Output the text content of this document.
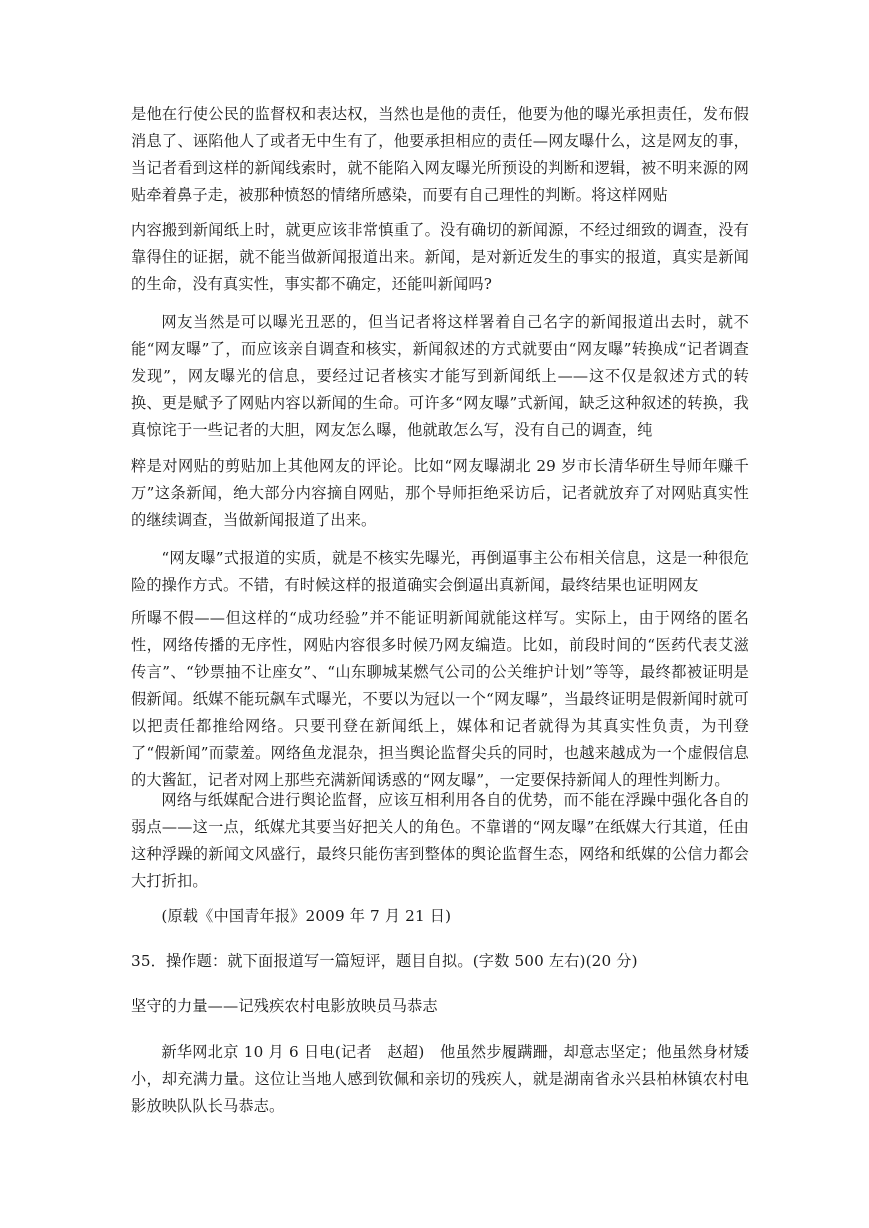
是他在行使公民的监督权和表达权，当然也是他的责任，他要为他的曝光承担责任，发布假消息了、诬陷他人了或者无中生有了，他要承担相应的责任—网友曝什么，这是网友的事，当记者看到这样的新闻线索时，就不能陷入网友曝光所预设的判断和逻辑，被不明来源的网贴牵着鼻子走，被那种愤怒的情绪所感染，而要有自己理性的判断。将这样网贴

内容搬到新闻纸上时，就更应该非常慎重了。没有确切的新闻源，不经过细致的调查，没有靠得住的证据，就不能当做新闻报道出来。新闻，是对新近发生的事实的报道，真实是新闻的生命，没有真实性，事实都不确定，还能叫新闻吗?

网友当然是可以曝光丑恶的，但当记者将这样署着自己名字的新闻报道出去时，就不能“网友曝”了，而应该亲自调查和核实，新闻叙述的方式就要由“网友曝”转换成“记者调查发现”，网友曝光的信息，要经过记者核实才能写到新闻纸上——这不仅是叙述方式的转换、更是赋予了网贴内容以新闻的生命。可许多“网友曝”式新闻，缺乏这种叙述的转换，我真惊诧于一些记者的大胆，网友怎么曝，他就敢怎么写，没有自己的调查，纯

粹是对网贴的剪贴加上其他网友的评论。比如“网友曝湖北 29 岁市长清华研生导师年赚千万”这条新闻，绝大部分内容摘自网贴，那个导师拒绝采访后，记者就放弃了对网贴真实性的继续调查，当做新闻报道了出来。

“网友曝”式报道的实质，就是不核实先曝光，再倒逼事主公布相关信息，这是一种很危险的操作方式。不错，有时候这样的报道确实会倒逼出真新闻，最终结果也证明网友

所曝不假——但这样的“成功经验”并不能证明新闻就能这样写。实际上，由于网络的匿名性，网络传播的无序性，网贴内容很多时候乃网友编造。比如，前段时间的“医药代表艾滋传言”、“钞票抽不让座女”、“山东聊城某燃气公司的公关维护计划”等等，最终都被证明是假新闻。纸媒不能玩飙车式曝光，不要以为冠以一个“网友曝”，当最终证明是假新闻时就可以把责任都推给网络。只要刊登在新闻纸上，媒体和记者就得为其真实性负责，为刊登了“假新闻”而蒙羞。网络鱼龙混杂，担当舆论监督尖兵的同时，也越来越成为一个虚假信息的大酱缸，记者对网上那些充满新闻诱惑的“网友曝”，一定要保持新闻人的理性判断力。

网络与纸媒配合进行舆论监督，应该互相利用各自的优势，而不能在浮躁中强化各自的弱点——这一点，纸媒尤其要当好把关人的角色。不靠谱的“网友曝”在纸媒大行其道，任由这种浮躁的新闻文风盛行，最终只能伤害到整体的舆论监督生态，网络和纸媒的公信力都会大打折扣。

(原载《中国青年报》2009 年 7 月 21 日)

35．操作题：就下面报道写一篇短评，题目自拟。(字数 500 左右)(20 分)

坚守的力量——记残疾农村电影放映员马恭志

新华网北京 10 月 6 日电(记者　赵超)　他虽然步履蹒跚，却意志坚定；他虽然身材矮小，却充满力量。这位让当地人感到钦佩和亲切的残疾人，就是湖南省永兴县柏林镇农村电影放映队队长马恭志。
